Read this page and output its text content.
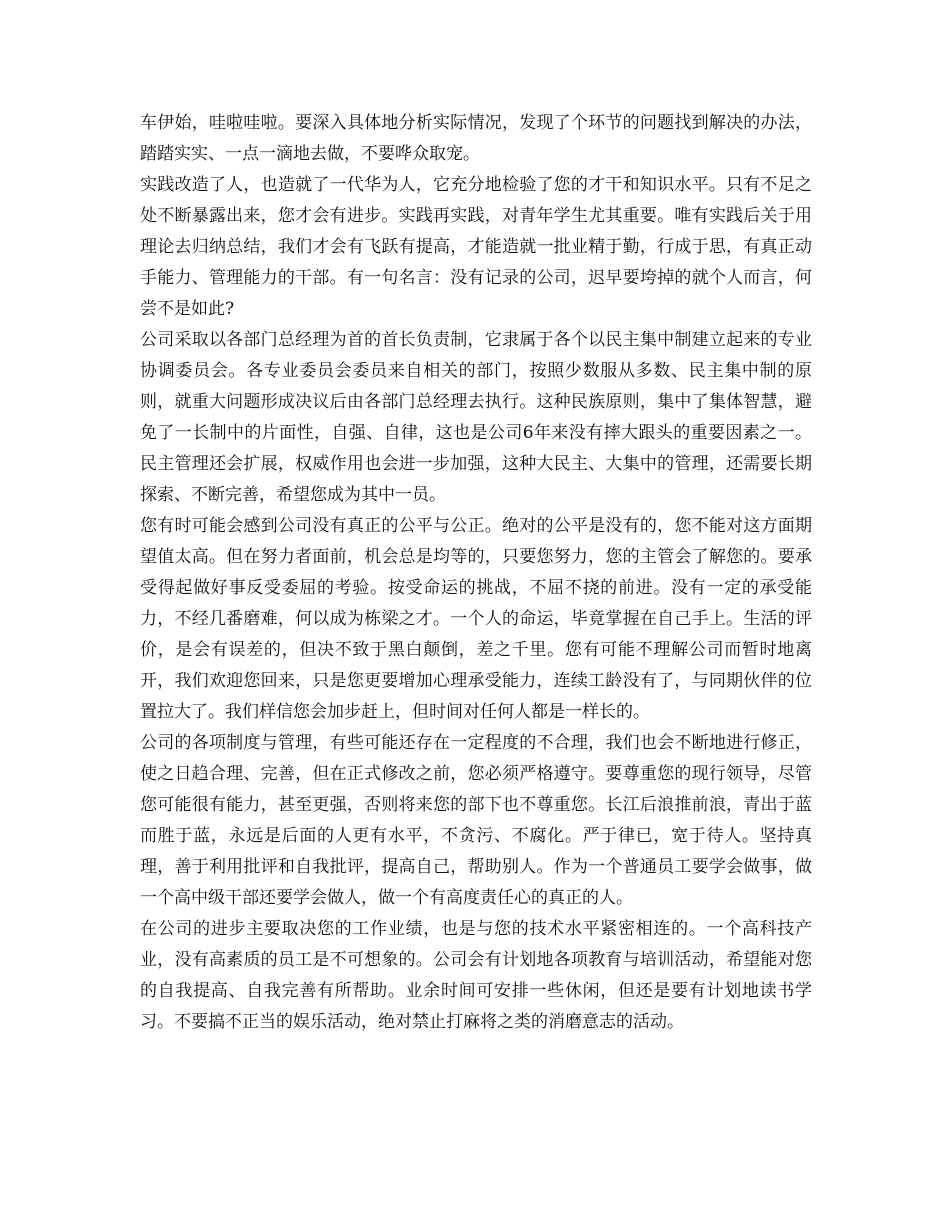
车伊始，哇啦哇啦。要深入具体地分析实际情况，发现了个环节的问题找到解决的办法，踏踏实实、一点一滴地去做，不要哗众取宠。

实践改造了人，也造就了一代华为人，它充分地检验了您的才干和知识水平。只有不足之处不断暴露出来，您才会有进步。实践再实践，对青年学生尤其重要。唯有实践后关于用理论去归纳总结，我们才会有飞跃有提高，才能造就一批业精于勤，行成于思，有真正动手能力、管理能力的干部。有一句名言：没有记录的公司，迟早要垮掉的就个人而言，何尝不是如此?

公司采取以各部门总经理为首的首长负责制，它隶属于各个以民主集中制建立起来的专业协调委员会。各专业委员会委员来自相关的部门，按照少数服从多数、民主集中制的原则，就重大问题形成决议后由各部门总经理去执行。这种民族原则，集中了集体智慧，避免了一长制中的片面性，自强、自律，这也是公司6年来没有摔大跟头的重要因素之一。民主管理还会扩展，权威作用也会进一步加强，这种大民主、大集中的管理，还需要长期探索、不断完善，希望您成为其中一员。

您有时可能会感到公司没有真正的公平与公正。绝对的公平是没有的，您不能对这方面期望值太高。但在努力者面前，机会总是均等的，只要您努力，您的主管会了解您的。要承受得起做好事反受委屈的考验。按受命运的挑战，不屈不挠的前进。没有一定的承受能力，不经几番磨难，何以成为栋梁之才。一个人的命运，毕竟掌握在自己手上。生活的评价，是会有误差的，但决不致于黑白颠倒，差之千里。您有可能不理解公司而暂时地离开，我们欢迎您回来，只是您更要增加心理承受能力，连续工龄没有了，与同期伙伴的位置拉大了。我们样信您会加步赶上，但时间对任何人都是一样长的。

公司的各项制度与管理，有些可能还存在一定程度的不合理，我们也会不断地进行修正，使之日趋合理、完善，但在正式修改之前，您必须严格遵守。要尊重您的现行领导，尽管您可能很有能力，甚至更强，否则将来您的部下也不尊重您。长江后浪推前浪，青出于蓝而胜于蓝，永远是后面的人更有水平，不贪污、不腐化。严于律已，宽于待人。坚持真理，善于利用批评和自我批评，提高自己，帮助别人。作为一个普通员工要学会做事，做一个高中级干部还要学会做人，做一个有高度责任心的真正的人。

在公司的进步主要取决您的工作业绩，也是与您的技术水平紧密相连的。一个高科技产业，没有高素质的员工是不可想象的。公司会有计划地各项教育与培训活动，希望能对您的自我提高、自我完善有所帮助。业余时间可安排一些休闲，但还是要有计划地读书学习。不要搞不正当的娱乐活动，绝对禁止打麻将之类的消磨意志的活动。
